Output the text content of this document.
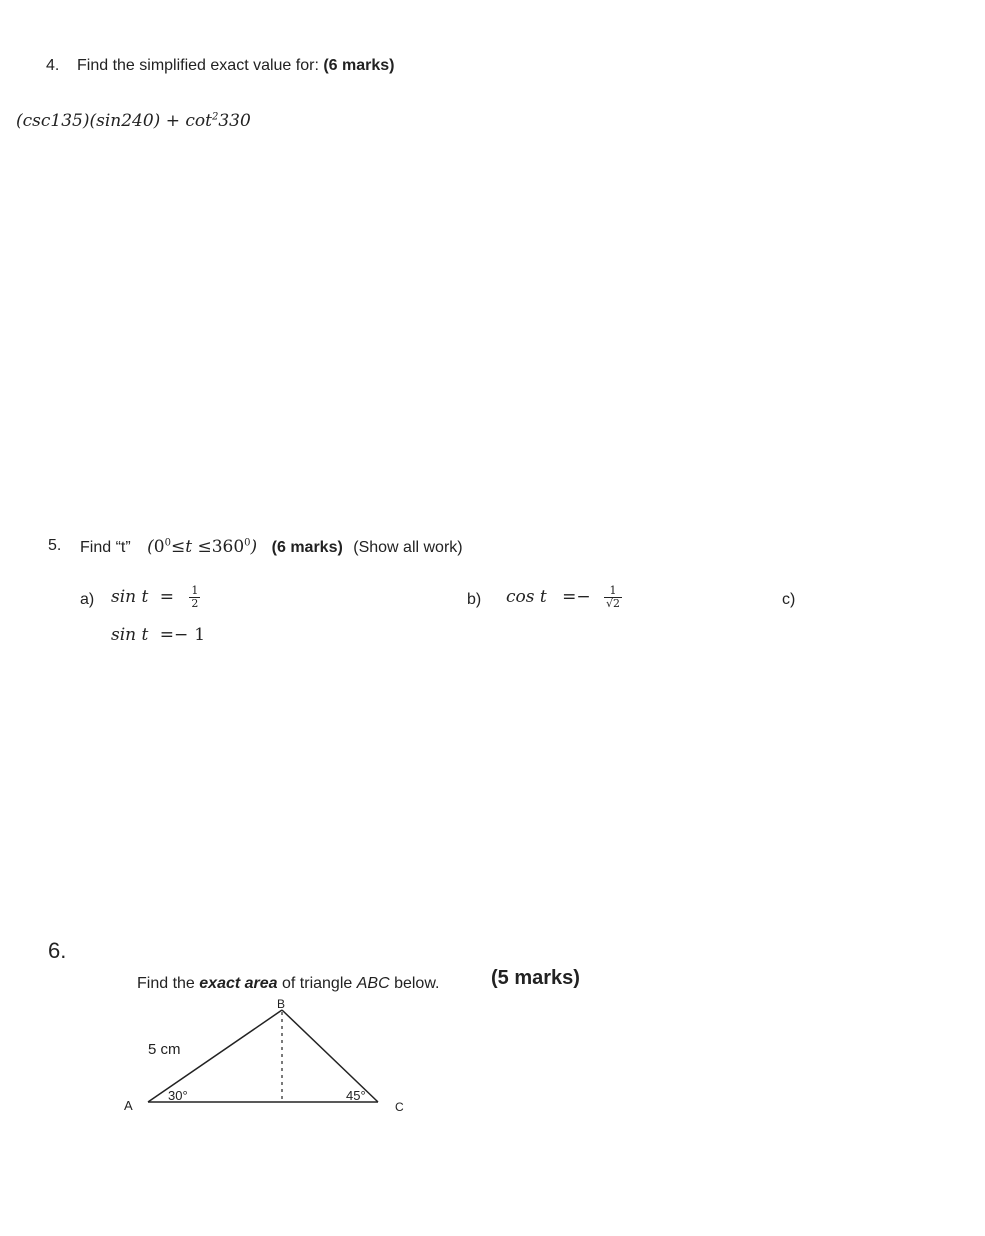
4. Find the simplified exact value for: (6 marks)
$(\csc 135)(\sin 240) + \cot^2330$
5. Find “t” $(0^0\le t \le 360^0)$ (6 marks) (Show all work)
a) $\sin t = \frac{1}{2}$
sin t =− 1
b) $\cos t =- \frac{1}{√2}$	c)
6.
Find the exact area of triangle ABC below.	(5 marks)
B
A	C
5 cm
30°	45°
